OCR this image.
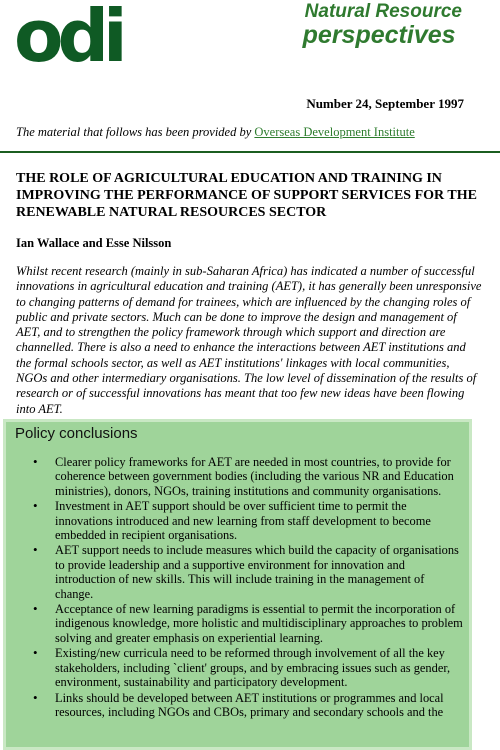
odi	Natural Resource
perspectives
Number 24, September 1997
The material that follows has been provided by Overseas Development Institute
THE ROLE OF AGRICULTURAL EDUCATION AND TRAINING IN IMPROVING THE PERFORMANCE OF SUPPORT SERVICES FOR THE RENEWABLE NATURAL RESOURCES SECTOR
Ian Wallace and Esse Nilsson
Whilst recent research (mainly in sub-Saharan Africa) has indicated a number of successful innovations in agricultural education and training (AET), it has generally been unresponsive to changing patterns of demand for trainees, which are influenced by the changing roles of public and private sectors. Much can be done to improve the design and management of AET, and to strengthen the policy framework through which support and direction are channelled. There is also a need to enhance the interactions between AET institutions and the formal schools sector, as well as AET institutions' linkages with local communities, NGOs and other intermediary organisations. The low level of dissemination of the results of research or of successful innovations has meant that too few new ideas have been flowing into AET.
Policy conclusions
• Clearer policy frameworks for AET are needed in most countries, to provide for coherence between government bodies (including the various NR and Education ministries), donors, NGOs, training institutions and community organisations.
• Investment in AET support should be over sufficient time to permit the innovations introduced and new learning from staff development to become embedded in recipient organisations.
• AET support needs to include measures which build the capacity of organisations to provide leadership and a supportive environment for innovation and introduction of new skills. This will include training in the management of change.
• Acceptance of new learning paradigms is essential to permit the incorporation of indigenous knowledge, more holistic and multidisciplinary approaches to problem solving and greater emphasis on experiential learning.
• Existing/new curricula need to be reformed through involvement of all the key stakeholders, including `client' groups, and by embracing issues such as gender, environment, sustainability and participatory development.
• Links should be developed between AET institutions or programmes and local resources, including NGOs and CBOs, primary and secondary schools and the
